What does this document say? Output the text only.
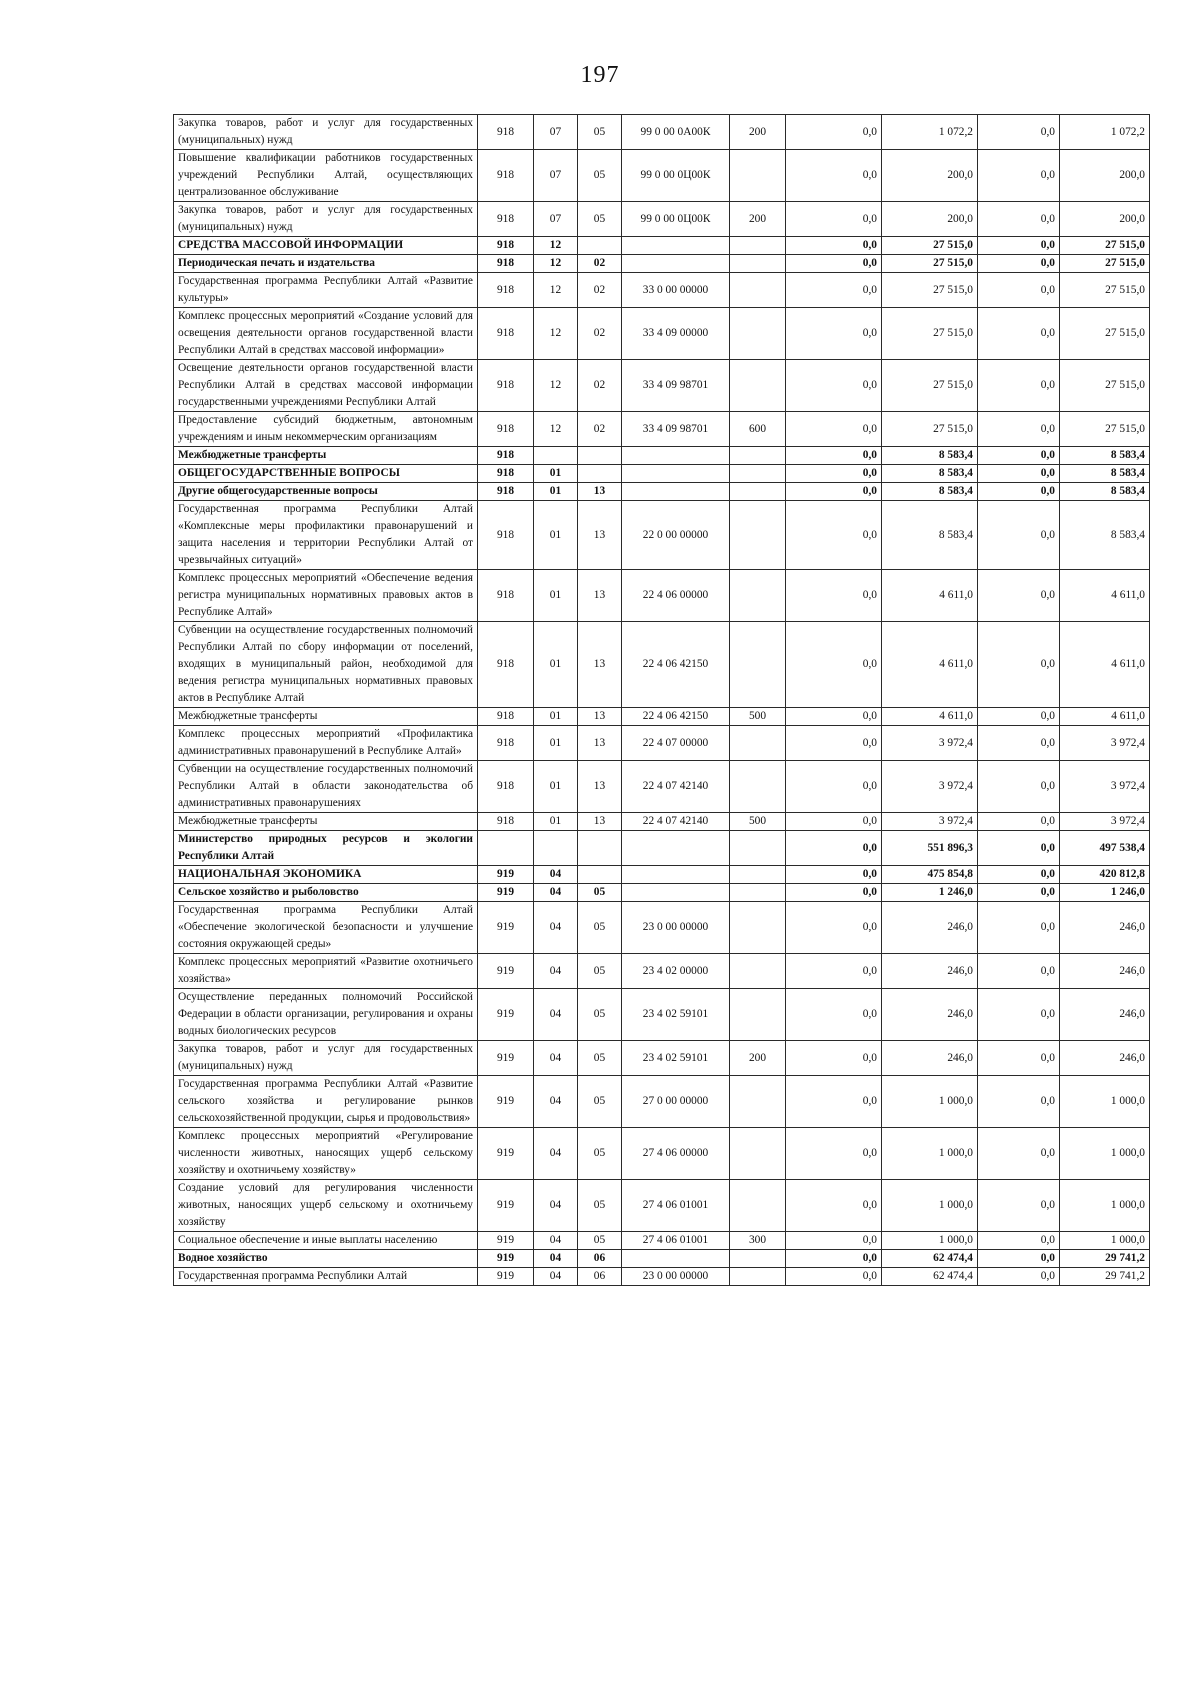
197
Закупка товаров, работ и услуг для государственных (муниципальных) нужд	918	07	05	99 0 00 0А00К	200	0,0	1 072,2	0,0	1 072,2
Повышение квалификации работников государственных учреждений Республики Алтай, осуществляющих централизованное обслуживание	918	07	05	99 0 00 0Ц00К		0,0	200,0	0,0	200,0
Закупка товаров, работ и услуг для государственных (муниципальных) нужд	918	07	05	99 0 00 0Ц00К	200	0,0	200,0	0,0	200,0
СРЕДСТВА МАССОВОЙ ИНФОРМАЦИИ	918	12				0,0	27 515,0	0,0	27 515,0
Периодическая печать и издательства	918	12	02			0,0	27 515,0	0,0	27 515,0
Государственная программа Республики Алтай «Развитие культуры»	918	12	02	33 0 00 00000		0,0	27 515,0	0,0	27 515,0
Комплекс процессных мероприятий «Создание условий для освещения деятельности органов государственной власти Республики Алтай в средствах массовой информации»	918	12	02	33 4 09 00000		0,0	27 515,0	0,0	27 515,0
Освещение деятельности органов государственной власти Республики Алтай в средствах массовой информации государственными учреждениями Республики Алтай	918	12	02	33 4 09 98701		0,0	27 515,0	0,0	27 515,0
Предоставление субсидий бюджетным, автономным учреждениям и иным некоммерческим организациям	918	12	02	33 4 09 98701	600	0,0	27 515,0	0,0	27 515,0
Межбюджетные трансферты	918					0,0	8 583,4	0,0	8 583,4
ОБЩЕГОСУДАРСТВЕННЫЕ ВОПРОСЫ	918	01				0,0	8 583,4	0,0	8 583,4
Другие общегосударственные вопросы	918	01	13			0,0	8 583,4	0,0	8 583,4
Государственная программа Республики Алтай «Комплексные меры профилактики правонарушений и защита населения и территории Республики Алтай от чрезвычайных ситуаций»	918	01	13	22 0 00 00000		0,0	8 583,4	0,0	8 583,4
Комплекс процессных мероприятий «Обеспечение ведения регистра муниципальных нормативных правовых актов в Республике Алтай»	918	01	13	22 4 06 00000		0,0	4 611,0	0,0	4 611,0
Субвенции на осуществление государственных полномочий Республики Алтай по сбору информации от поселений, входящих в муниципальный район, необходимой для ведения регистра муниципальных нормативных правовых актов в Республике Алтай	918	01	13	22 4 06 42150		0,0	4 611,0	0,0	4 611,0
Межбюджетные трансферты	918	01	13	22 4 06 42150	500	0,0	4 611,0	0,0	4 611,0
Комплекс процессных мероприятий «Профилактика административных правонарушений в Республике Алтай»	918	01	13	22 4 07 00000		0,0	3 972,4	0,0	3 972,4
Субвенции на осуществление государственных полномочий Республики Алтай в области законодательства об административных правонарушениях	918	01	13	22 4 07 42140		0,0	3 972,4	0,0	3 972,4
Межбюджетные трансферты	918	01	13	22 4 07 42140	500	0,0	3 972,4	0,0	3 972,4
Министерство природных ресурсов и экологии Республики Алтай						0,0	551 896,3	0,0	497 538,4
НАЦИОНАЛЬНАЯ ЭКОНОМИКА	919	04				0,0	475 854,8	0,0	420 812,8
Сельское хозяйство и рыболовство	919	04	05			0,0	1 246,0	0,0	1 246,0
Государственная программа Республики Алтай «Обеспечение экологической безопасности и улучшение состояния окружающей среды»	919	04	05	23 0 00 00000		0,0	246,0	0,0	246,0
Комплекс процессных мероприятий «Развитие охотничьего хозяйства»	919	04	05	23 4 02 00000		0,0	246,0	0,0	246,0
Осуществление переданных полномочий Российской Федерации в области организации, регулирования и охраны водных биологических ресурсов	919	04	05	23 4 02 59101		0,0	246,0	0,0	246,0
Закупка товаров, работ и услуг для государственных (муниципальных) нужд	919	04	05	23 4 02 59101	200	0,0	246,0	0,0	246,0
Государственная программа Республики Алтай «Развитие сельского хозяйства и регулирование рынков сельскохозяйственной продукции, сырья и продовольствия»	919	04	05	27 0 00 00000		0,0	1 000,0	0,0	1 000,0
Комплекс процессных мероприятий «Регулирование численности животных, наносящих ущерб сельскому хозяйству и охотничьему хозяйству»	919	04	05	27 4 06 00000		0,0	1 000,0	0,0	1 000,0
Создание условий для регулирования численности животных, наносящих ущерб сельскому и охотничьему хозяйству	919	04	05	27 4 06 01001		0,0	1 000,0	0,0	1 000,0
Социальное обеспечение и иные выплаты населению	919	04	05	27 4 06 01001	300	0,0	1 000,0	0,0	1 000,0
Водное хозяйство	919	04	06			0,0	62 474,4	0,0	29 741,2
Государственная программа Республики Алтай	919	04	06	23 0 00 00000		0,0	62 474,4	0,0	29 741,2
